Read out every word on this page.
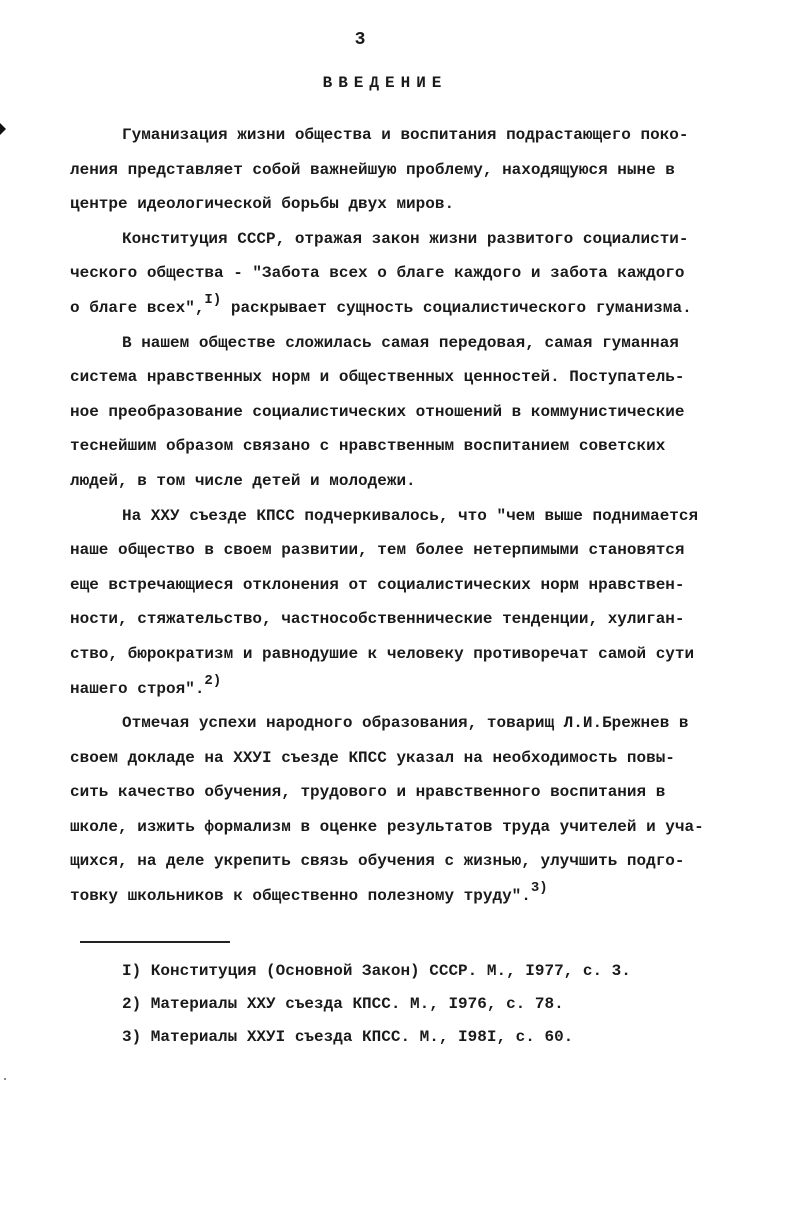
3
ВВЕДЕНИЕ
Гуманизация жизни общества и воспитания подрастающего поко-
ления представляет собой важнейшую проблему, находящуюся ныне в
центре идеологической борьбы двух миров.
Конституция СССР, отражая закон жизни развитого социалисти-
ческого общества - "Забота всех о благе каждого и забота каждого
о благе всех",I) раскрывает сущность социалистического гуманизма.
В нашем обществе сложилась самая передовая, самая гуманная
система нравственных норм и общественных ценностей. Поступатель-
ное преобразование социалистических отношений в коммунистические
теснейшим образом связано с нравственным воспитанием советских
людей, в том числе детей и молодежи.
На ХХУ съезде КПСС подчеркивалось, что "чем выше поднимается
наше общество в своем развитии, тем более нетерпимыми становятся
еще встречающиеся отклонения от социалистических норм нравствен-
ности, стяжательство, частнособственнические тенденции, хулиган-
ство, бюрократизм и равнодушие к человеку противоречат самой сути
нашего строя".2)
Отмечая успехи народного образования, товарищ Л.И.Брежнев в
своем докладе на ХХУI съезде КПСС указал на необходимость повы-
сить качество обучения, трудового и нравственного воспитания в
школе, изжить формализм в оценке результатов труда учителей и уча-
щихся, на деле укрепить связь обучения с жизнью, улучшить подго-
товку школьников к общественно полезному труду".3)
I) Конституция (Основной Закон) СССР. М., I977, с. 3.
2) Материалы ХХУ съезда КПСС. М., I976, с. 78.
3) Материалы ХХУI съезда КПСС. М., I98I, с. 60.
